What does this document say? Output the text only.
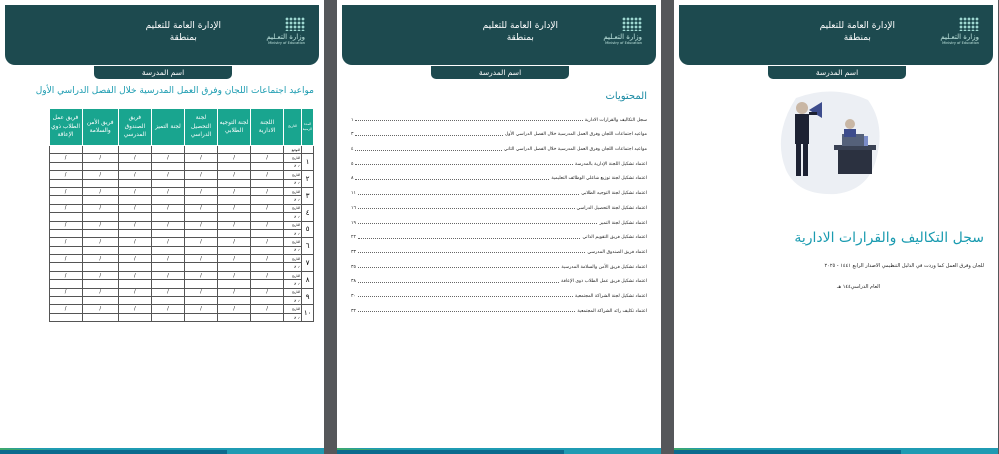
وزارة التعـليم
Ministry of Education
الإدارة العامة للتعليم
بمنطقة
اسم المدرسة
سجل التكاليف والقرارات الادارية
للجان وفرق العمل كما وردت في الدليل التنظيمي الاصدار الرابع ١٤٤١ - ٢٠٢٥
العام الدراسي١٤٤ هـ
وزارة التعـليم
Ministry of Education
الإدارة العامة للتعليم
بمنطقة
اسم المدرسة
المحتويات
سجل التكاليف والقرارات الادارية
١
مواعيد اجتماعات اللجان وفرق العمل المدرسية خلال الفصل الدراسي الأول
٣
مواعيد اجتماعات اللجان وفرق العمل المدرسية خلال الفصل الدراسي الثاني
٤
اعتماد تشكيل اللجنة الإدارية بالمدرسة
٥
اعتماد تشكيل لجنة توزيع شاغلي الوظائف التعليمية
٨
اعتماد تشكيل لجنة التوجيه الطلابي
١١
اعتماد تشكيل لجنة التحصيل الدراسي
١٦
اعتماد تشكيل لجنة التميز
١٩
اعتماد تشكيل فريق التقويم الذاتي
٢٢
اعتماد فريق الصندوق المدرسي
٣٣
اعتماد تشكيل فريق الأمن والسلامة المدرسية
٣٥
اعتماد تشكيل فريق عمل الطلاب ذوي الإعاقة
٣٨
اعتماد تشكيل لجنة الشراكة المجتمعية
٣٠
اعتماد تكليف رائد الشراكة المجتمعية
٣٢
وزارة التعـليم
Ministry of Education
الإدارة العامة للتعليم
بمنطقة
اسم المدرسة
مواعيد اجتماعات اللجان وفرق العمل المدرسية خلال الفصل الدراسي الأول
المدة الزمنية	التاريخ	اللجنة الادارية	لجنة التوجيه الطلابي	لجنة التحصيل الدراسي	لجنة التميز	فريق الصندوق المدرسي	فريق الأمن والسلامة	فريق عمل الطلاب ذوي الإعاقة
	التوقيع							
١	التاريخ	/	/	/	/	/	/	/
	✓ ✗							
٢	التاريخ	/	/	/	/	/	/	/
	✓ ✗							
٣	التاريخ	/	/	/	/	/	/	/
	✓ ✗							
٤	التاريخ	/	/	/	/	/	/	/
	✓ ✗							
٥	التاريخ	/	/	/	/	/	/	/
	✓ ✗							
٦	التاريخ	/	/	/	/	/	/	/
	✓ ✗							
٧	التاريخ	/	/	/	/	/	/	/
	✓ ✗							
٨	التاريخ	/	/	/	/	/	/	/
	✓ ✗							
٩	التاريخ	/	/	/	/	/	/	/
	✓ ✗							
١٠	التاريخ	/	/	/	/	/	/	/
	✓ ✗							
